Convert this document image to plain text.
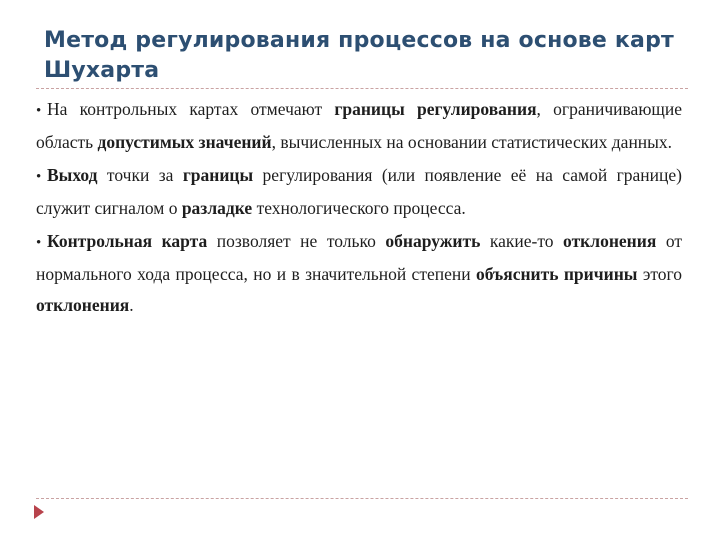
Метод регулирования процессов на основе карт Шухарта

• На контрольных картах отмечают границы регулирования, ограничивающие область допустимых значений, вычисленных на основании статистических данных.

• Выход точки за границы регулирования (или появление её на самой границе) служит сигналом о разладке технологического процесса.

• Контрольная карта позволяет не только обнаружить какие-то отклонения от нормального хода процесса, но и в значительной степени объяснить причины этого отклонения.
